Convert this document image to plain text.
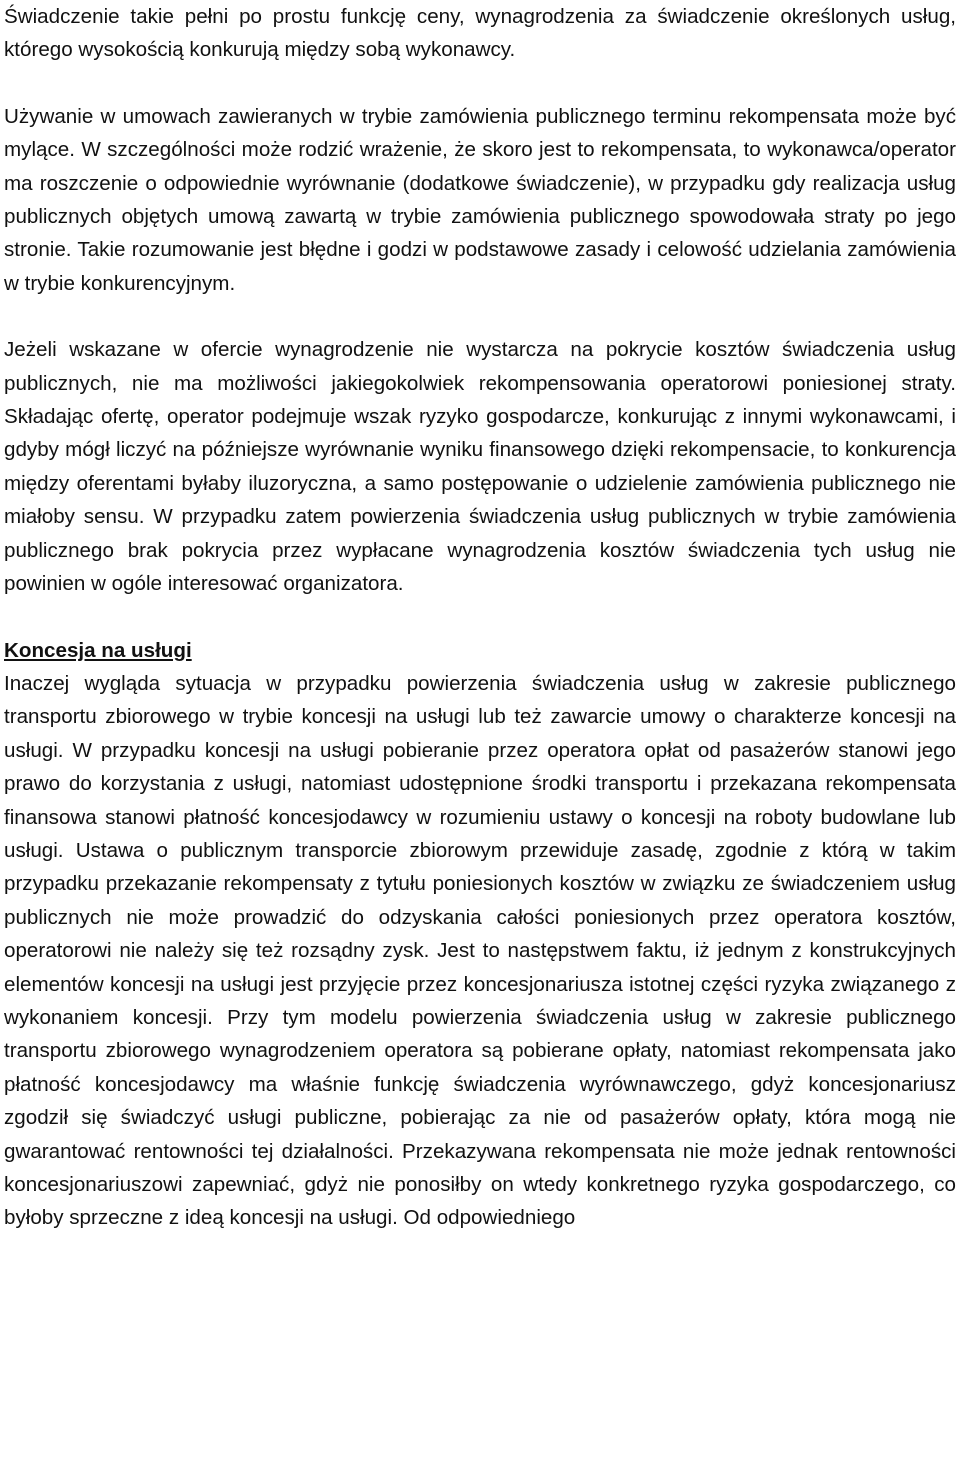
Świadczenie takie pełni po prostu funkcję ceny, wynagrodzenia za świadczenie określonych usług, którego wysokością konkurują między sobą wykonawcy.

Używanie w umowach zawieranych w trybie zamówienia publicznego terminu rekompensata może być mylące. W szczególności może rodzić wrażenie, że skoro jest to rekompensata, to wykonawca/operator ma roszczenie o odpowiednie wyrównanie (dodatkowe świadczenie), w przypadku gdy realizacja usług publicznych objętych umową zawartą w trybie zamówienia publicznego spowodowała straty po jego stronie. Takie rozumowanie jest błędne i godzi w podstawowe zasady i celowość udzielania zamówienia w trybie konkurencyjnym.

Jeżeli wskazane w ofercie wynagrodzenie nie wystarcza na pokrycie kosztów świadczenia usług publicznych, nie ma możliwości jakiegokolwiek rekompensowania operatorowi poniesionej straty. Składając ofertę, operator podejmuje wszak ryzyko gospodarcze, konkurując z innymi wykonawcami, i gdyby mógł liczyć na późniejsze wyrównanie wyniku finansowego dzięki rekompensacie, to konkurencja między oferentami byłaby iluzoryczna, a samo postępowanie o udzielenie zamówienia publicznego nie miałoby sensu. W przypadku zatem powierzenia świadczenia usług publicznych w trybie zamówienia publicznego brak pokrycia przez wypłacane wynagrodzenia kosztów świadczenia tych usług nie powinien w ogóle interesować organizatora.

Koncesja na usługi

Inaczej wygląda sytuacja w przypadku powierzenia świadczenia usług w zakresie publicznego transportu zbiorowego w trybie koncesji na usługi lub też zawarcie umowy o charakterze koncesji na usługi. W przypadku koncesji na usługi pobieranie przez operatora opłat od pasażerów stanowi jego prawo do korzystania z usługi, natomiast udostępnione środki transportu i przekazana rekompensata finansowa stanowi płatność koncesjodawcy w rozumieniu ustawy o koncesji na roboty budowlane lub usługi. Ustawa o publicznym transporcie zbiorowym przewiduje zasadę, zgodnie z którą w takim przypadku przekazanie rekompensaty z tytułu poniesionych kosztów w związku ze świadczeniem usług publicznych nie może prowadzić do odzyskania całości poniesionych przez operatora kosztów, operatorowi nie należy się też rozsądny zysk. Jest to następstwem faktu, iż jednym z konstrukcyjnych elementów koncesji na usługi jest przyjęcie przez koncesjonariusza istotnej części ryzyka związanego z wykonaniem koncesji. Przy tym modelu powierzenia świadczenia usług w zakresie publicznego transportu zbiorowego wynagrodzeniem operatora są pobierane opłaty, natomiast rekompensata jako płatność koncesjodawcy ma właśnie funkcję świadczenia wyrównawczego, gdyż koncesjonariusz zgodził się świadczyć usługi publiczne, pobierając za nie od pasażerów opłaty, która mogą nie gwarantować rentowności tej działalności. Przekazywana rekompensata nie może jednak rentowności koncesjonariuszowi zapewniać, gdyż nie ponosiłby on wtedy konkretnego ryzyka gospodarczego, co byłoby sprzeczne z ideą koncesji na usługi. Od odpowiedniego
